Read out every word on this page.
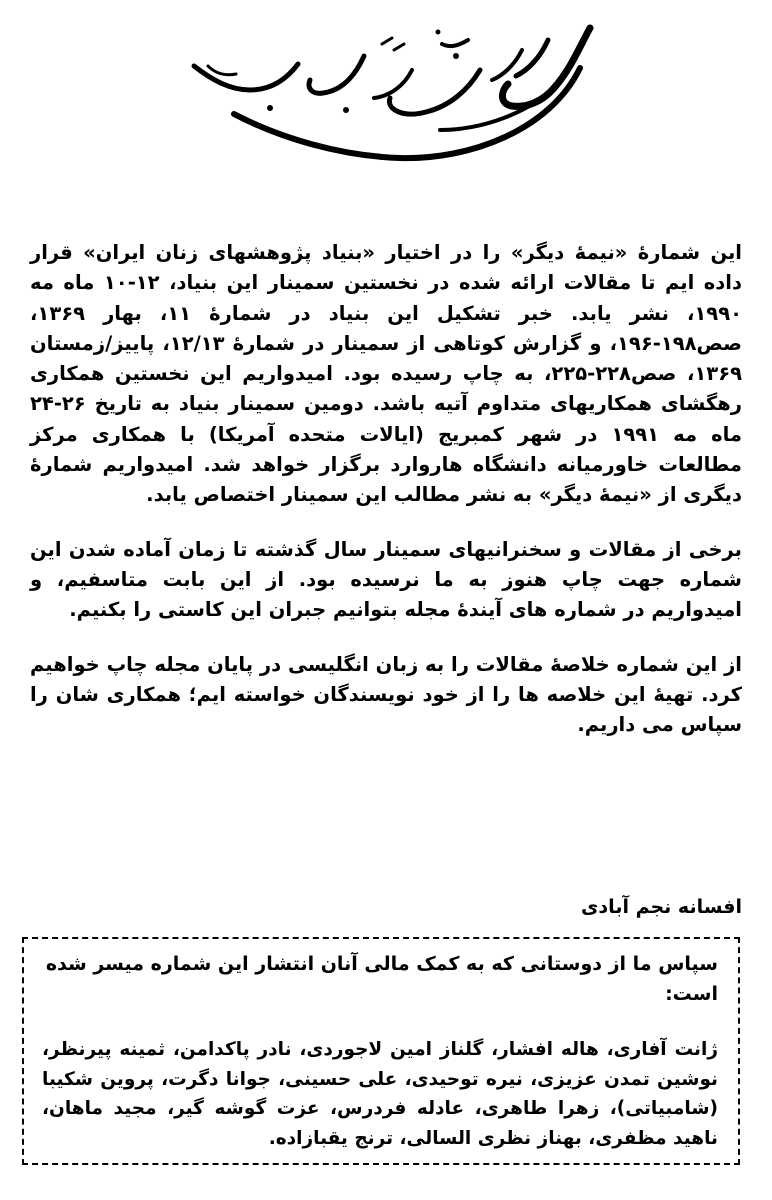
سخن با خوانندگان

این شمارهٔ «نیمهٔ دیگر» را در اختیار «بنیاد پژوهشهای زنان ایران» قرار داده ایم تا مقالات ارائه شده در نخستین سمینار این بنیاد، ۱۲-۱۰ ماه مه ۱۹۹۰، نشر یابد. خبر تشکیل این بنیاد در شمارهٔ ۱۱، بهار ۱۳۶۹، صص۱۹۸-۱۹۶، و گزارش کوتاهی از سمینار در شمارهٔ ۱۲/۱۳، پاییز/زمستان ۱۳۶۹، صص۲۲۸-۲۲۵، به چاپ رسیده بود. امیدواریم این نخستین همکاری رهگشای همکاریهای متداوم آتیه باشد. دومین سمینار بنیاد به تاریخ ۲۶-۲۴ ماه مه ۱۹۹۱ در شهر کمبریج (ایالات متحده آمریکا) با همکاری مرکز مطالعات خاورمیانه دانشگاه هاروارد برگزار خواهد شد. امیدواریم شمارهٔ دیگری از «نیمهٔ دیگر» به نشر مطالب این سمینار اختصاص یابد.

برخی از مقالات و سخنرانیهای سمینار سال گذشته تا زمان آماده شدن این شماره جهت چاپ هنوز به ما نرسیده بود. از این بابت متاسفیم، و امیدواریم در شماره های آیندهٔ مجله بتوانیم جبران این کاستی را بکنیم.

از این شماره خلاصهٔ مقالات را به زبان انگلیسی در پایان مجله چاپ خواهیم کرد. تهیهٔ این خلاصه ها را از خود نویسندگان خواسته ایم؛ همکاری شان را سپاس می داریم.

افسانه نجم آبادی

سپاس ما از دوستانی که به کمک مالی آنان انتشار این شماره میسر شده است:

ژانت آفاری، هاله افشار، گلناز امین لاجوردی، نادر پاکدامن، ثمینه پیرنظر، نوشین تمدن عزیزی، نیره توحیدی، علی حسینی، جوانا دگرت، پروین شکیبا (شامبیاتی)، زهرا طاهری، عادله فردرس، عزت گوشه گیر، مجید ماهان، ناهید مظفری، بهناز نظری السالی، ترنج یقبازاده.
